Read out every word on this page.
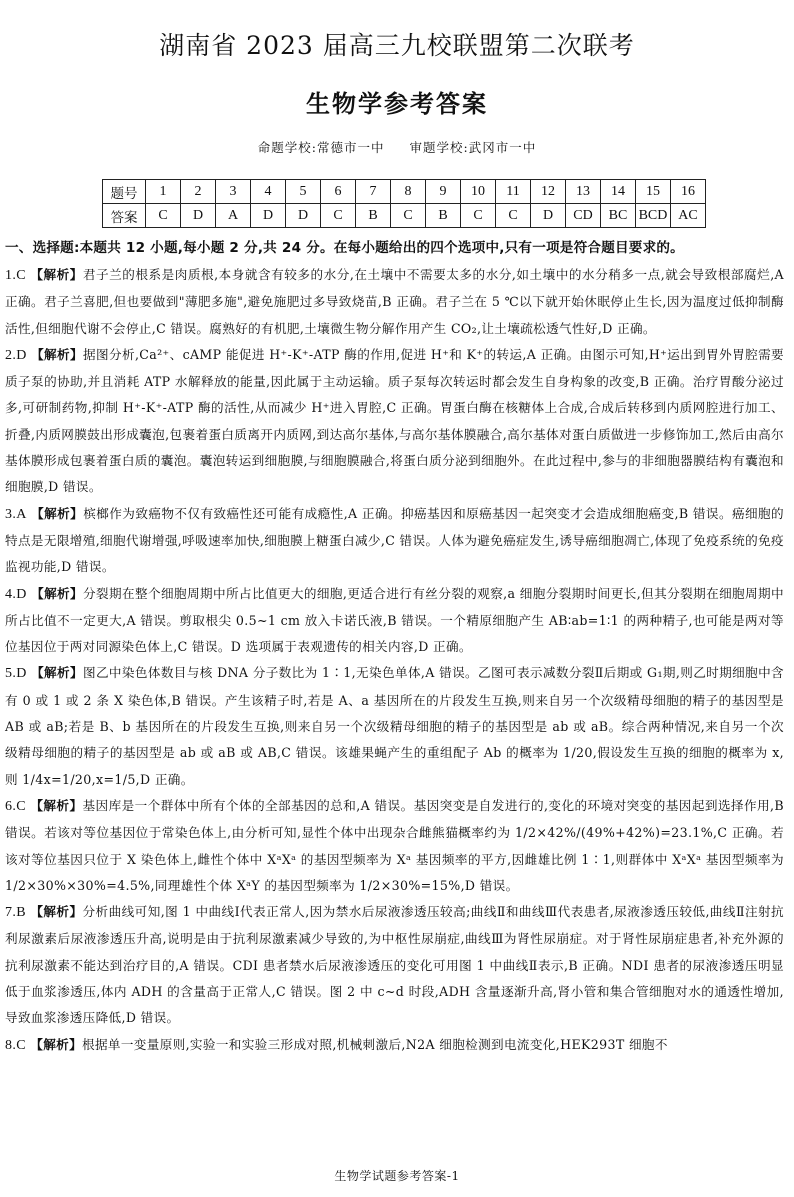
湖南省 2023 届高三九校联盟第二次联考
生物学参考答案
命题学校:常德市一中 审题学校:武冈市一中
题号	1	2	3	4	5	6	7	8	9	10	11	12	13	14	15	16
答案	C	D	A	D	D	C	B	C	B	C	C	D	CD	BC	BCD	AC
一、选择题:本题共 12 小题,每小题 2 分,共 24 分。在每小题给出的四个选项中,只有一项是符合题目要求的。

1.C 【解析】君子兰的根系是肉质根,本身就含有较多的水分,在土壤中不需要太多的水分,如土壤中的水分稍多一点,就会导致根部腐烂,A 正确。君子兰喜肥,但也要做到"薄肥多施",避免施肥过多导致烧苗,B 正确。君子兰在 5 ℃以下就开始休眠停止生长,因为温度过低抑制酶活性,但细胞代谢不会停止,C 错误。腐熟好的有机肥,土壤微生物分解作用产生 CO₂,让土壤疏松透气性好,D 正确。

2.D 【解析】据图分析,Ca²⁺、cAMP 能促进 H⁺-K⁺-ATP 酶的作用,促进 H⁺和 K⁺的转运,A 正确。由图示可知,H⁺运出到胃外胃腔需要质子泵的协助,并且消耗 ATP 水解释放的能量,因此属于主动运输。质子泵每次转运时都会发生自身构象的改变,B 正确。治疗胃酸分泌过多,可研制药物,抑制 H⁺-K⁺-ATP 酶的活性,从而减少 H⁺进入胃腔,C 正确。胃蛋白酶在核糖体上合成,合成后转移到内质网腔进行加工、折叠,内质网膜鼓出形成囊泡,包裹着蛋白质离开内质网,到达高尔基体,与高尔基体膜融合,高尔基体对蛋白质做进一步修饰加工,然后由高尔基体膜形成包裹着蛋白质的囊泡。囊泡转运到细胞膜,与细胞膜融合,将蛋白质分泌到细胞外。在此过程中,参与的非细胞器膜结构有囊泡和细胞膜,D 错误。

3.A 【解析】槟榔作为致癌物不仅有致癌性还可能有成瘾性,A 正确。抑癌基因和原癌基因一起突变才会造成细胞癌变,B 错误。癌细胞的特点是无限增殖,细胞代谢增强,呼吸速率加快,细胞膜上糖蛋白减少,C 错误。人体为避免癌症发生,诱导癌细胞凋亡,体现了免疫系统的免疫监视功能,D 错误。

4.D 【解析】分裂期在整个细胞周期中所占比值更大的细胞,更适合进行有丝分裂的观察,a 细胞分裂期时间更长,但其分裂期在细胞周期中所占比值不一定更大,A 错误。剪取根尖 0.5~1 cm 放入卡诺氏液,B 错误。一个精原细胞产生 AB∶ab=1∶1 的两种精子,也可能是两对等位基因位于两对同源染色体上,C 错误。D 选项属于表观遗传的相关内容,D 正确。

5.D 【解析】图乙中染色体数目与核 DNA 分子数比为 1∶1,无染色单体,A 错误。乙图可表示减数分裂Ⅱ后期或 G₁期,则乙时期细胞中含有 0 或 1 或 2 条 X 染色体,B 错误。产生该精子时,若是 A、a 基因所在的片段发生互换,则来自另一个次级精母细胞的精子的基因型是 AB 或 aB;若是 B、b 基因所在的片段发生互换,则来自另一个次级精母细胞的精子的基因型是 ab 或 aB。综合两种情况,来自另一个次级精母细胞的精子的基因型是 ab 或 aB 或 AB,C 错误。该雄果蝇产生的重组配子 Ab 的概率为 1/20,假设发生互换的细胞的概率为 x,则 1/4x=1/20,x=1/5,D 正确。

6.C 【解析】基因库是一个群体中所有个体的全部基因的总和,A 错误。基因突变是自发进行的,变化的环境对突变的基因起到选择作用,B 错误。若该对等位基因位于常染色体上,由分析可知,显性个体中出现杂合雌熊猫概率约为 1/2×42%/(49%+42%)=23.1%,C 正确。若该对等位基因只位于 X 染色体上,雌性个体中 XᵃXᵃ 的基因型频率为 Xᵃ 基因频率的平方,因雌雄比例 1∶1,则群体中 XᵃXᵃ 基因型频率为 1/2×30%×30%=4.5%,同理雄性个体 XᵃY 的基因型频率为 1/2×30%=15%,D 错误。

7.B 【解析】分析曲线可知,图 1 中曲线Ⅰ代表正常人,因为禁水后尿液渗透压较高;曲线Ⅱ和曲线Ⅲ代表患者,尿液渗透压较低,曲线Ⅱ注射抗利尿激素后尿液渗透压升高,说明是由于抗利尿激素减少导致的,为中枢性尿崩症,曲线Ⅲ为肾性尿崩症。对于肾性尿崩症患者,补充外源的抗利尿激素不能达到治疗目的,A 错误。CDI 患者禁水后尿液渗透压的变化可用图 1 中曲线Ⅱ表示,B 正确。NDI 患者的尿液渗透压明显低于血浆渗透压,体内 ADH 的含量高于正常人,C 错误。图 2 中 c~d 时段,ADH 含量逐渐升高,肾小管和集合管细胞对水的通透性增加,导致血浆渗透压降低,D 错误。

8.C 【解析】根据单一变量原则,实验一和实验三形成对照,机械刺激后,N2A 细胞检测到电流变化,HEK293T 细胞不

生物学试题参考答案-1
